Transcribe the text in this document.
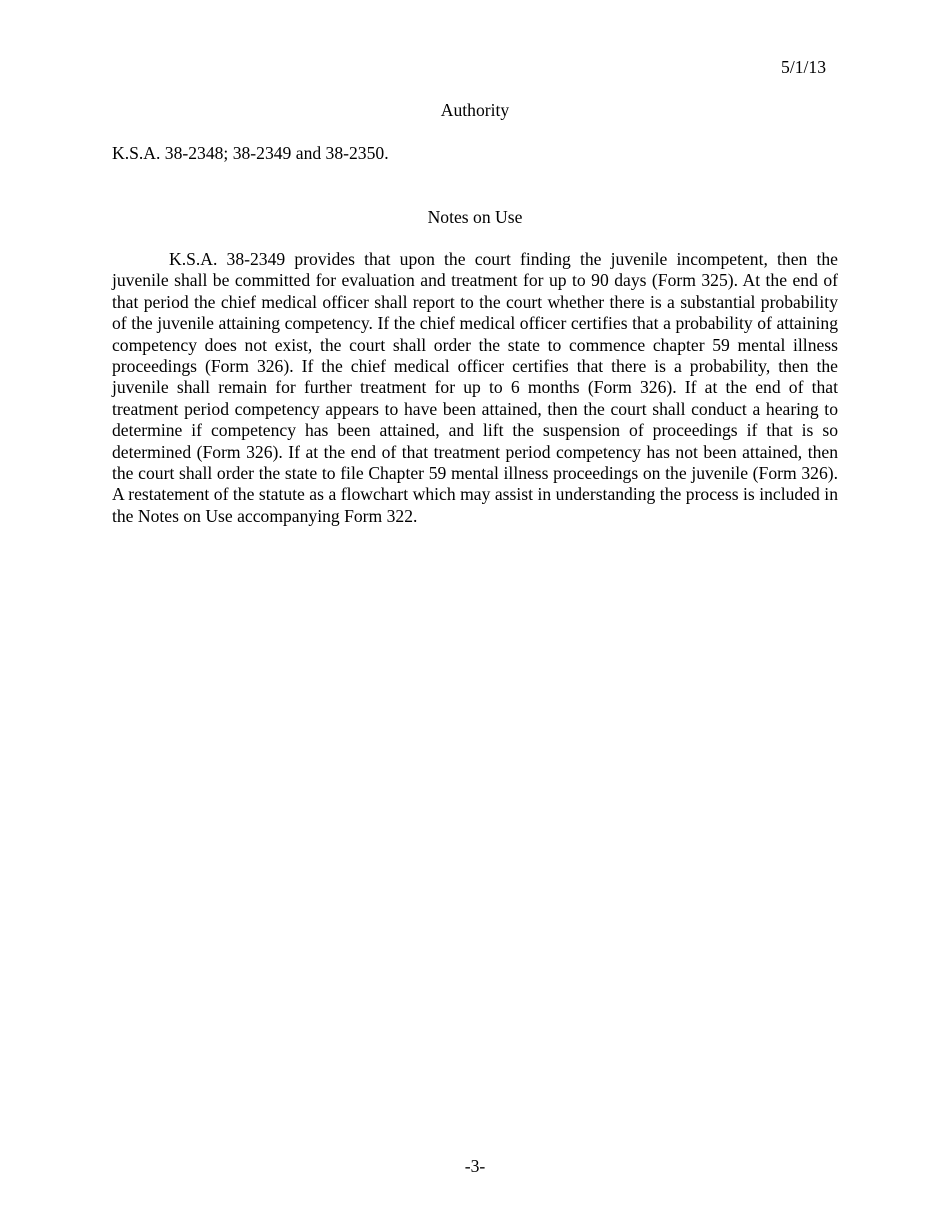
5/1/13
Authority
K.S.A. 38-2348; 38-2349 and 38-2350.
Notes on Use

K.S.A. 38-2349 provides that upon the court finding the juvenile incompetent, then the juvenile shall be committed for evaluation and treatment for up to 90 days (Form 325). At the end of that period the chief medical officer shall report to the court whether there is a substantial probability of the juvenile attaining competency. If the chief medical officer certifies that a probability of attaining competency does not exist, the court shall order the state to commence chapter 59 mental illness proceedings (Form 326). If the chief medical officer certifies that there is a probability, then the juvenile shall remain for further treatment for up to 6 months (Form 326). If at the end of that treatment period competency appears to have been attained, then the court shall conduct a hearing to determine if competency has been attained, and lift the suspension of proceedings if that is so determined (Form 326). If at the end of that treatment period competency has not been attained, then the court shall order the state to file Chapter 59 mental illness proceedings on the juvenile (Form 326). A restatement of the statute as a flowchart which may assist in understanding the process is included in the Notes on Use accompanying Form 322.

-3-
